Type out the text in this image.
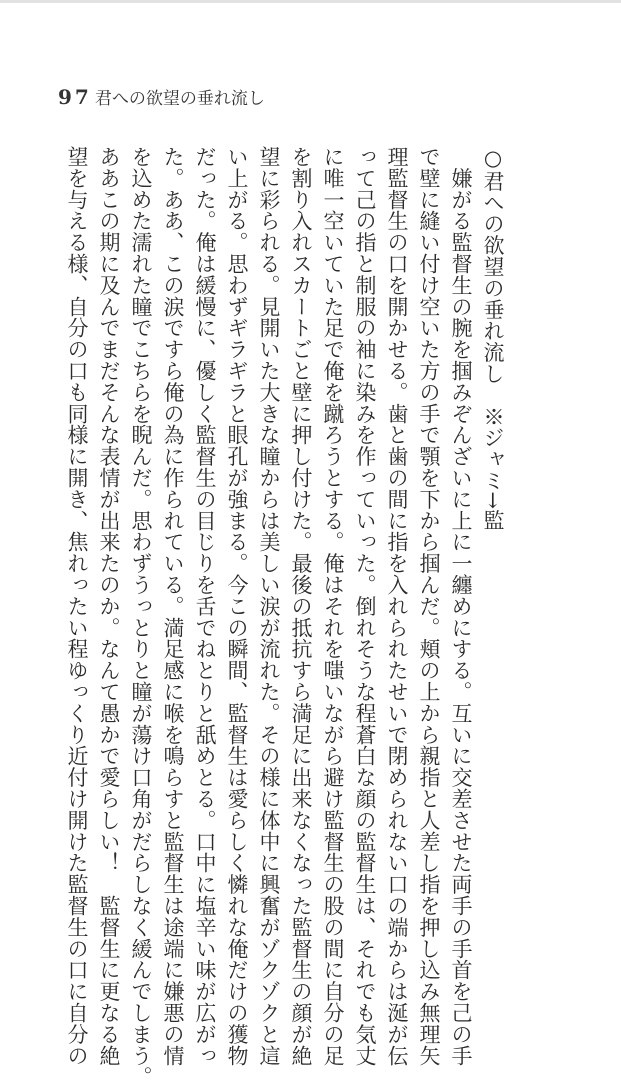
97 君への欲望の垂れ流し
○君への欲望の垂れ流し　※ジャミ→監
　嫌がる監督生の腕を掴みぞんざいに上に一纏めにする。互いに交差させた両手の手首を己の手
で壁に縫い付け空いた方の手で顎を下から掴んだ。頬の上から親指と人差し指を押し込み無理矢
理監督生の口を開かせる。歯と歯の間に指を入れられたせいで閉められない口の端からは涎が伝
って己の指と制服の袖に染みを作っていった。倒れそうな程蒼白な顔の監督生は、それでも気丈
に唯一空いていた足で俺を蹴ろうとする。俺はそれを嗤いながら避け監督生の股の間に自分の足
を割り入れスカートごと壁に押し付けた。最後の抵抗すら満足に出来なくなった監督生の顔が絶
望に彩られる。見開いた大きな瞳からは美しい涙が流れた。その様に体中に興奮がゾクゾクと這
い上がる。思わずギラギラと眼孔が強まる。今この瞬間、監督生は愛らしく憐れな俺だけの獲物
だった。俺は緩慢に、優しく監督生の目じりを舌でねとりと舐めとる。口中に塩辛い味が広がっ
た。ああ、この涙ですら俺の為に作られている。満足感に喉を鳴らすと監督生は途端に嫌悪の情
を込めた濡れた瞳でこちらを睨んだ。思わずうっとりと瞳が蕩け口角がだらしなく緩んでしまう。
ああこの期に及んでまだそんな表情が出来たのか。なんて愚かで愛らしい！　監督生に更なる絶
望を与える様、自分の口も同様に開き、焦れったい程ゆっくり近付け開けた監督生の口に自分の
